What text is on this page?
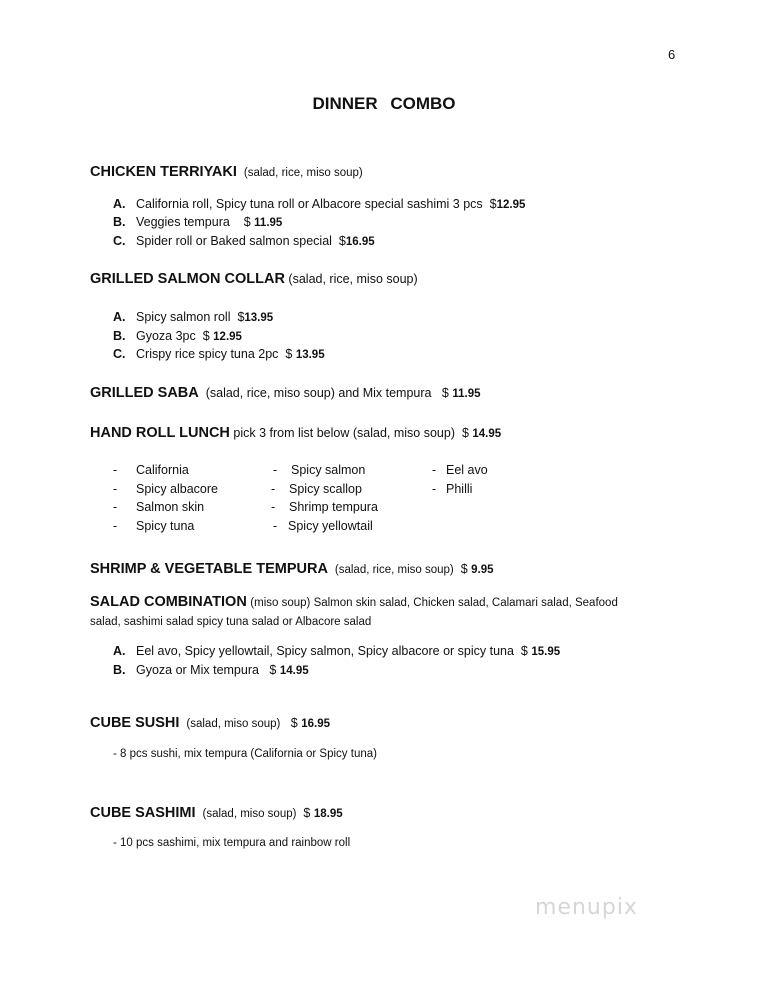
6
DINNER COMBO
CHICKEN TERRIYAKI (salad, rice, miso soup)
A. California roll, Spicy tuna roll or Albacore special sashimi 3 pcs $12.95
B. Veggies tempura $ 11.95
C. Spider roll or Baked salmon special $16.95
GRILLED SALMON COLLAR (salad, rice, miso soup)
A. Spicy salmon roll $13.95
B. Gyoza 3pc $ 12.95
C. Crispy rice spicy tuna 2pc $ 13.95
GRILLED SABA (salad, rice, miso soup) and Mix tempura $ 11.95
HAND ROLL LUNCH pick 3 from list below (salad, miso soup) $ 14.95
- California
- Spicy albacore
- Salmon skin
- Spicy tuna
- Spicy salmon
- Spicy scallop
- Shrimp tempura
- Spicy yellowtail
- Eel avo
- Philli
SHRIMP & VEGETABLE TEMPURA (salad, rice, miso soup) $ 9.95
SALAD COMBINATION (miso soup) Salmon skin salad, Chicken salad, Calamari salad, Seafood
salad, sashimi salad spicy tuna salad or Albacore salad
A. Eel avo, Spicy yellowtail, Spicy salmon, Spicy albacore or spicy tuna $ 15.95
B. Gyoza or Mix tempura $ 14.95
CUBE SUSHI (salad, miso soup) $ 16.95
- 8 pcs sushi, mix tempura (California or Spicy tuna)
CUBE SASHIMI (salad, miso soup) $ 18.95
- 10 pcs sashimi, mix tempura and rainbow roll
menupix
